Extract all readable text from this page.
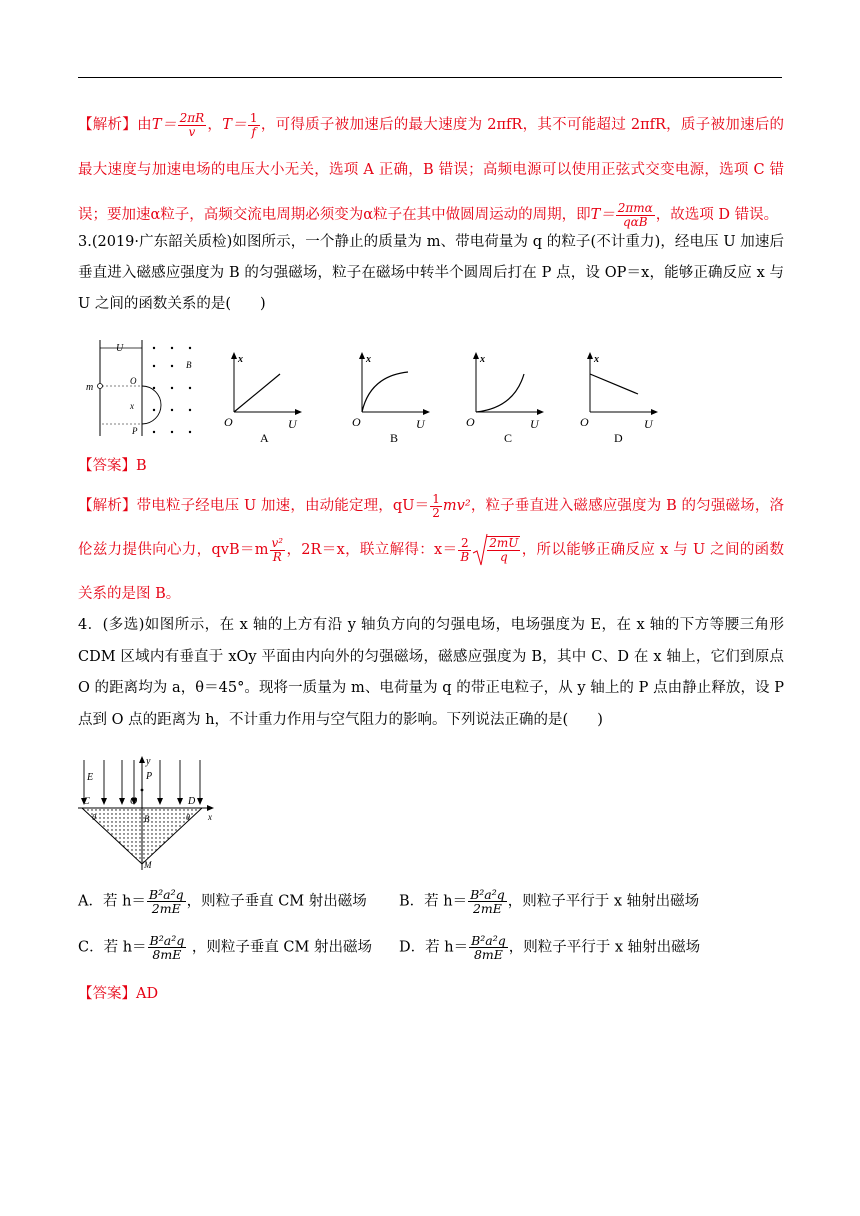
【解析】由$T= \frac{2\pi R}{v}$ ，$T= \frac{1}{f}$ ，可得质子被加速后的最大速度为 2πfR，其不可能超过 2πfR，质子被加速后的最大速度与加速电场的电压大小无关，选项 A 正确，B 错误；高频电源可以使用正弦式交变电源，选项 C 错误；要加速α粒子，高频交流电周期必须变为α粒子在其中做圆周运动的周期，即$T= \frac{\text{2πmα}}{\text{qαB}}$ ，故选项 D 错误。
3.(2019·广东韶关质检)如图所示，一个静止的质量为 m、带电荷量为 q 的粒子(不计重力)，经电压 U 加速后垂直进入磁感应强度为 B 的匀强磁场，粒子在磁场中转半个圆周后打在 P 点，设 OP＝x，能够正确反应 x 与 U 之间的函数关系的是(　　)
U
m
O
x
P
B	x
O	U
A
x
O	U
B
x
O	U
C
x
O	U
D
【答案】B
【解析】带电粒子经电压 U 加速，由动能定理，$qU= \frac{1}{2} mv^2$，粒子垂直进入磁感应强度为 B 的匀强磁场，洛伦兹力提供向心力，$qvB=m \frac{\text{v²}}{R}$ ，2R＝x，联立解得：$x= \frac{2}{B} \frac{2mU}{q}$ ，所以能够正确反应 x 与 U 之间的函数关系的是图 B。
4．(多选)如图所示，在 x 轴的上方有沿 y 轴负方向的匀强电场，电场强度为 E，在 x 轴的下方等腰三角形 CDM 区域内有垂直于 xOy 平面由内向外的匀强磁场，磁感应强度为 B，其中 C、D 在 x 轴上，它们到原点 O 的距离均为 a，θ＝45°。现将一质量为 m、电荷量为 q 的带正电粒子，从 y 轴上的 P 点由静止释放，设 P 点到 O 点的距离为 h，不计重力作用与空气阻力的影响。下列说法正确的是(　　)
E
y
P
C	O	D
x
θ	θ
B
M
A．若 $h= \frac{\text{B²a²q}}{2mE}$ ，则粒子垂直 CM 射出磁场 B．若 $h= \frac{\text{B²a²q}}{2mE}$ ，则粒子平行于 x 轴射出磁场
C．若 $h= \frac{\text{B²a²q}}{8mE}$ ，则粒子垂直 CM 射出磁场 D．若 $h= \frac{\text{B²a²q}}{8mE}$ ，则粒子平行于 x 轴射出磁场
【答案】AD
